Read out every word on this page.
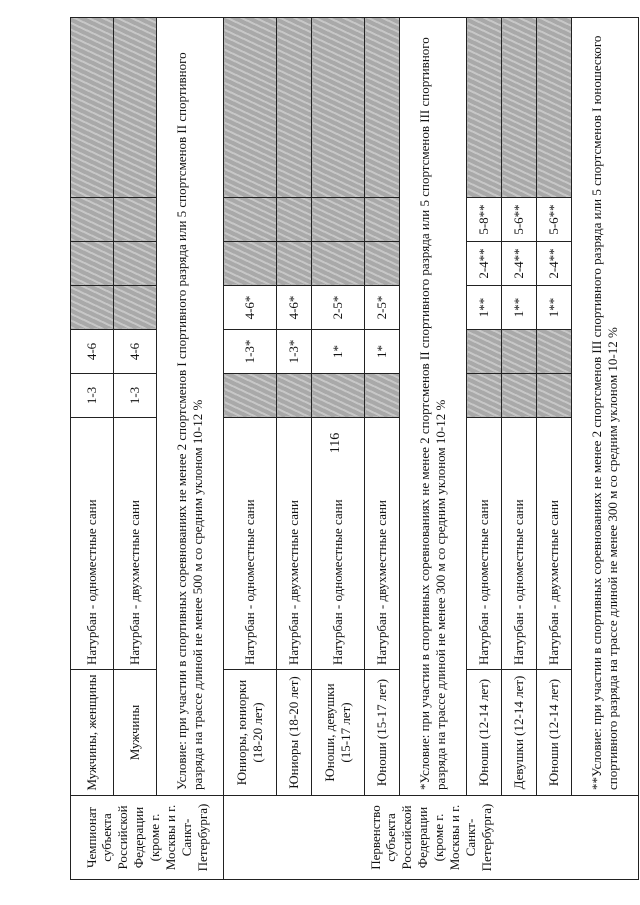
116
Чемпионат субъекта Российской Федерации (кроме г. Москвы и г. Санкт-Петербурга)	Мужчины, женщины	Натурбан - одноместные сани	1-3	4-6				
	Мужчины	Натурбан - двухместные сани	1-3	4-6				
	Условие: при участии в спортивных соревнованиях не менее 2 спортсменов I спортивного разряда или 5 спортсменов II спортивного разряда на трассе длиной не менее 500 м со средним уклоном 10-12 %							
Первенство субъекта Российской Федерации (кроме г. Москвы и г. Санкт-Петербурга)	Юниоры, юниорки (18-20 лет)	Натурбан - одноместные сани		1-3*	4-6*			
	Юниоры (18-20 лет)	Натурбан - двухместные сани		1-3*	4-6*			
	Юноши, девушки (15-17 лет)	Натурбан - одноместные сани		1*	2-5*			
	Юноши (15-17 лет)	Натурбан - двухместные сани		1*	2-5*			
	*Условие: при участии в спортивных соревнованиях не менее 2 спортсменов II спортивного разряда или 5 спортсменов III спортивного разряда на трассе длиной не менее 300 м со средним уклоном 10-12 %							
	Юноши (12-14 лет)	Натурбан - одноместные сани			1**	2-4**	5-8**	
	Девушки (12-14 лет)	Натурбан - одноместные сани			1**	2-4**	5-6**	
	Юноши (12-14 лет)	Натурбан - двухместные сани			1**	2-4**	5-6**	
	**Условие: при участии в спортивных соревнованиях не менее 2 спортсменов III спортивного разряда или 5 спортсменов I юношеского спортивного разряда на трассе длиной не менее 300 м со средним уклоном 10-12 %							
